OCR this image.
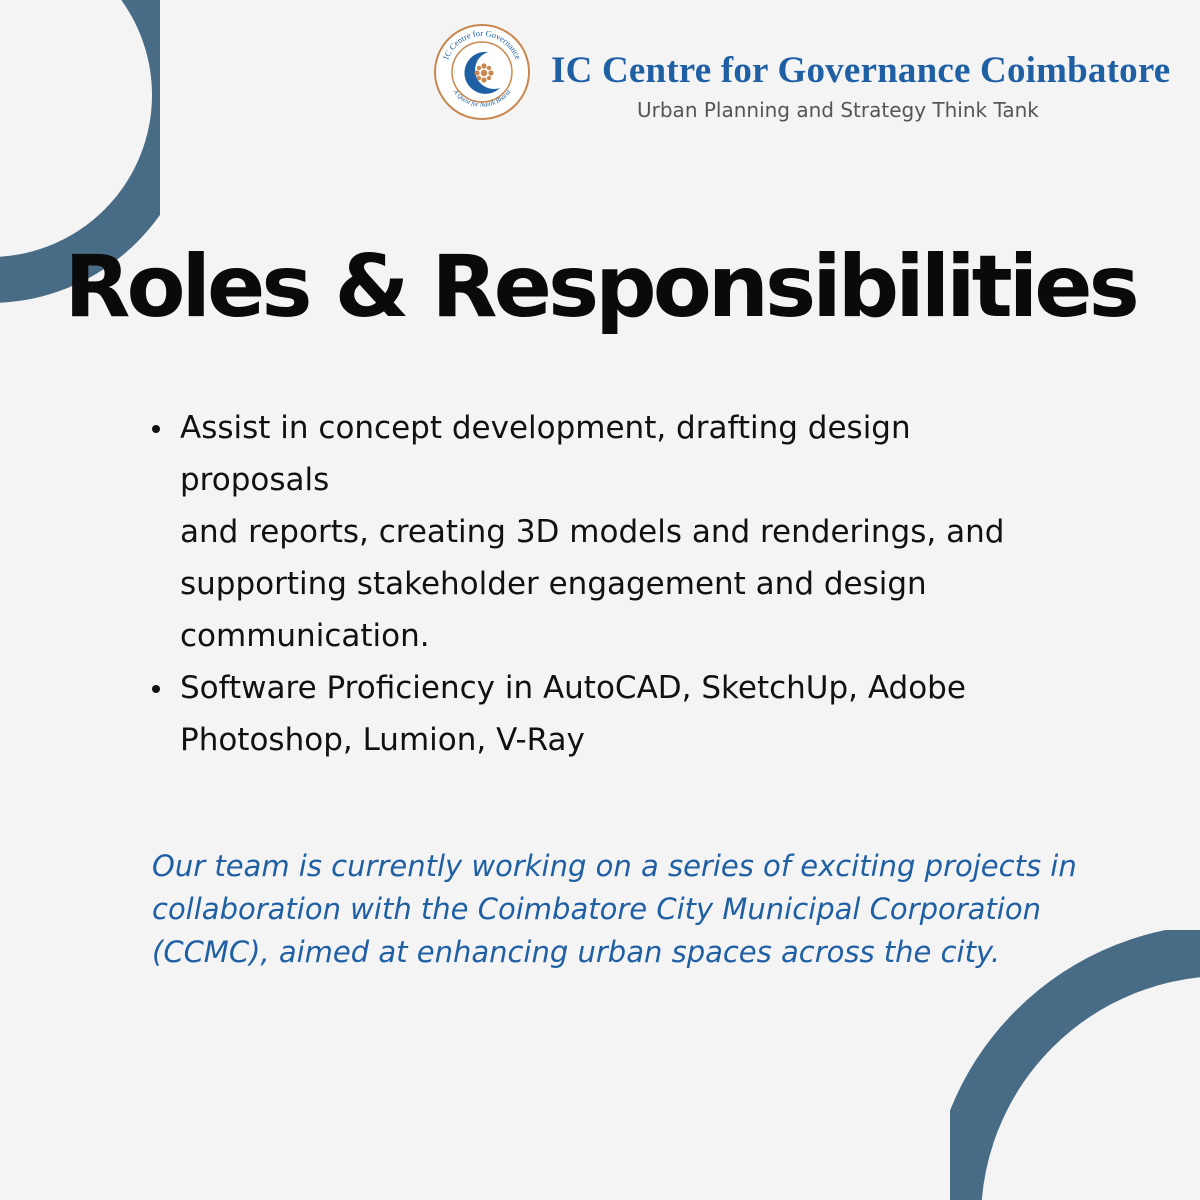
IC Centre for Governance
A Quest for Naitik Bharat
IC Centre for Governance Coimbatore
Urban Planning and Strategy Think Tank
Roles & Responsibilities
Assist in concept development, drafting design proposals
and reports, creating 3D models and renderings, and
supporting stakeholder engagement and design
communication.
Software Proficiency in AutoCAD, SketchUp, Adobe
Photoshop, Lumion, V-Ray

Our team is currently working on a series of exciting projects in
collaboration with the Coimbatore City Municipal Corporation
(CCMC), aimed at enhancing urban spaces across the city.
